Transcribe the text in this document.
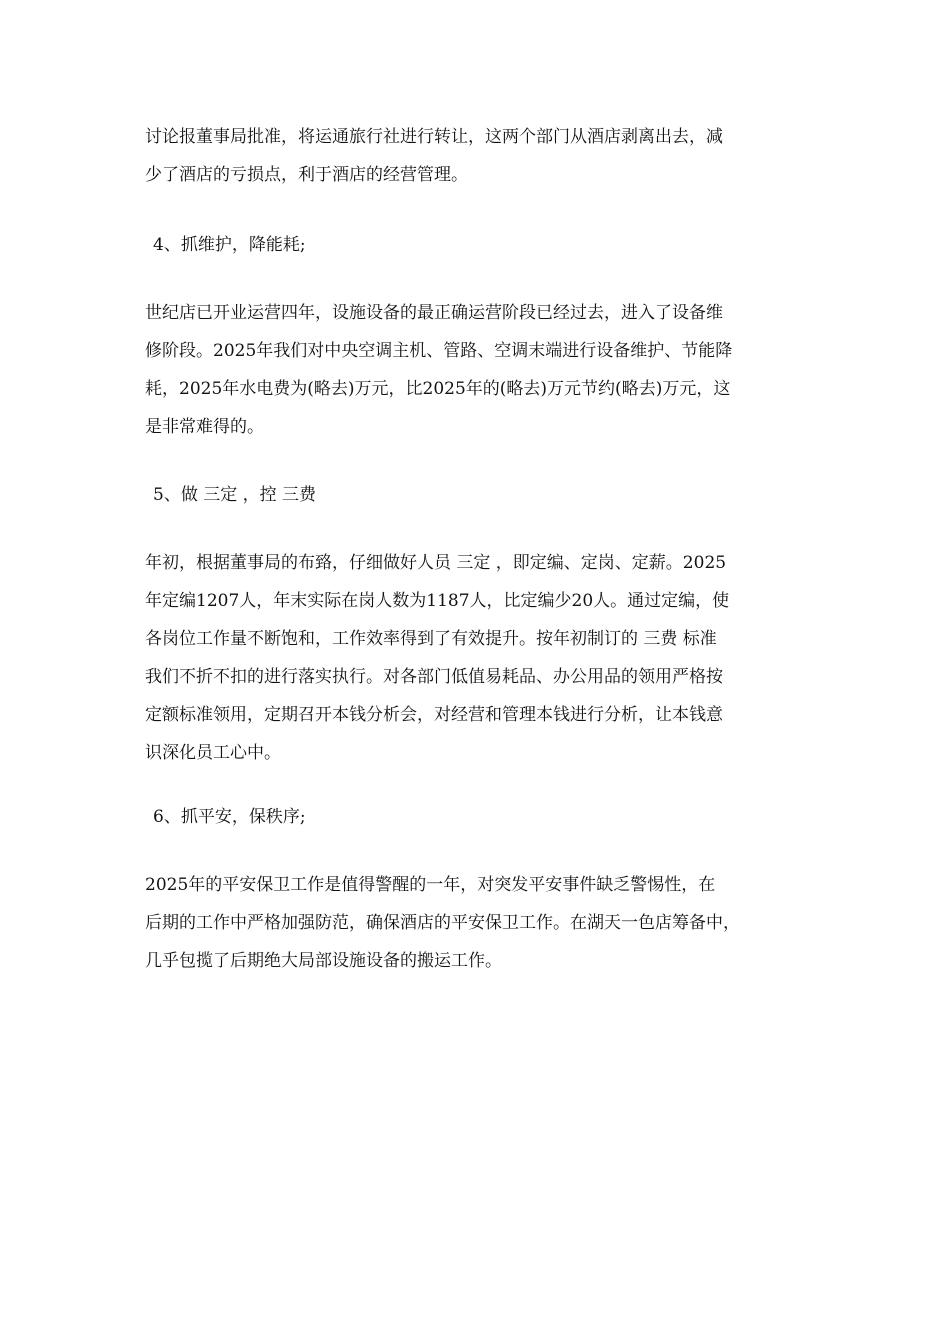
讨论报董事局批准，将运通旅行社进行转让，这两个部门从酒店剥离出去，减
少了酒店的亏损点，利于酒店的经营管理。
4、抓维护，降能耗;
世纪店已开业运营四年，设施设备的最正确运营阶段已经过去，进入了设备维
修阶段。2025年我们对中央空调主机、管路、空调末端进行设备维护、节能降
耗，2025年水电费为(略去)万元，比2025年的(略去)万元节约(略去)万元，这
是非常难得的。
5、做 三定 ，控 三费
年初，根据董事局的布臵，仔细做好人员 三定 ，即定编、定岗、定薪。2025
年定编1207人，年末实际在岗人数为1187人，比定编少20人。通过定编，使
各岗位工作量不断饱和，工作效率得到了有效提升。按年初制订的 三费 标准
我们不折不扣的进行落实执行。对各部门低值易耗品、办公用品的领用严格按
定额标准领用，定期召开本钱分析会，对经营和管理本钱进行分析，让本钱意
识深化员工心中。
6、抓平安，保秩序;
2025年的平安保卫工作是值得警醒的一年，对突发平安事件缺乏警惕性，在
后期的工作中严格加强防范，确保酒店的平安保卫工作。在湖天一色店筹备中，
几乎包揽了后期绝大局部设施设备的搬运工作。
